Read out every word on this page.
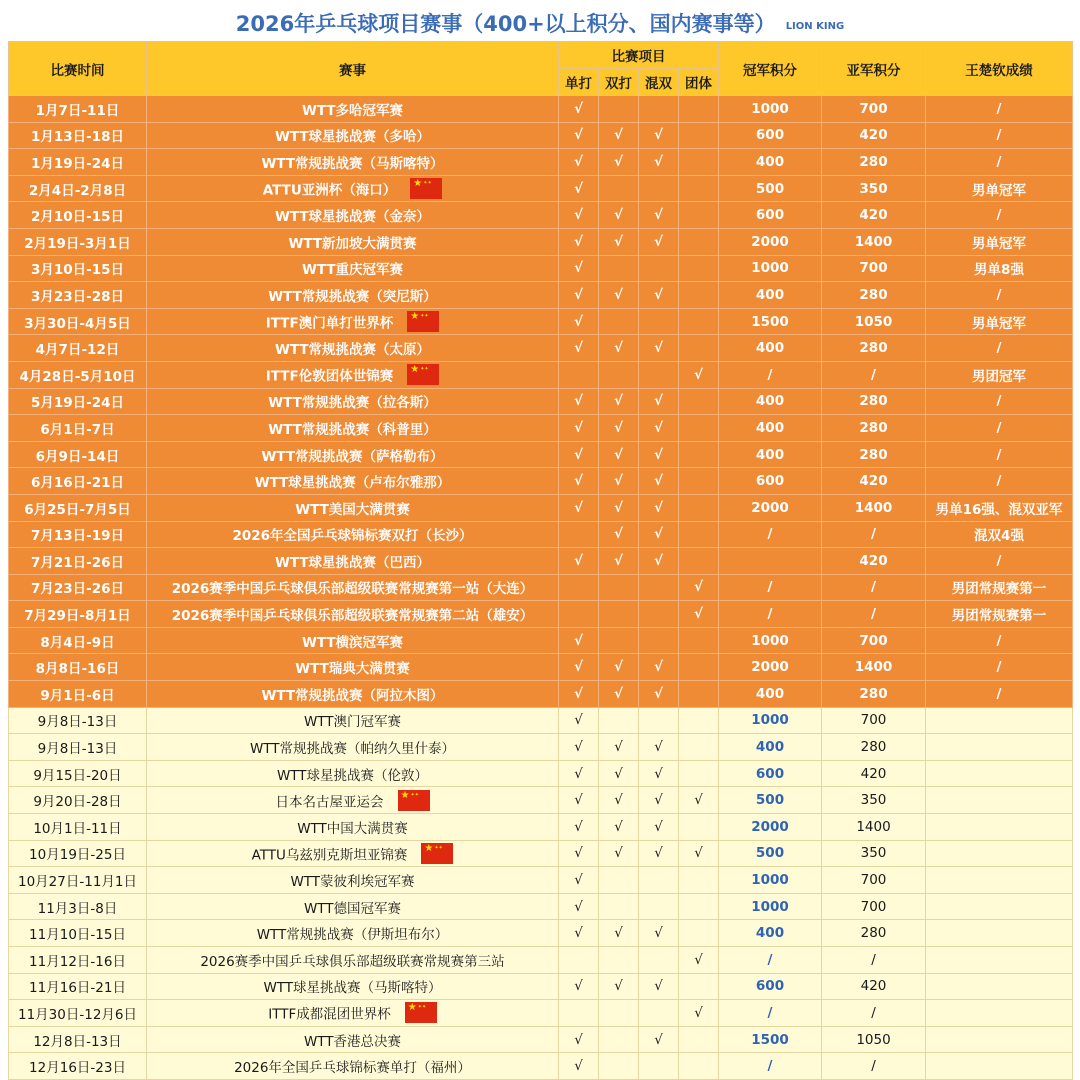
2026年乒乓球项目赛事（400+以上积分、国内赛事等） LION KING
比赛时间	赛事	比赛项目				冠军积分	亚军积分	王楚钦成绩
		单打	双打	混双	团体			
1月7日-11日	WTT多哈冠军赛	√				1000	700	/
1月13日-18日	WTT球星挑战赛（多哈）	√	√	√		600	420	/
1月19日-24日	WTT常规挑战赛（马斯喀特）	√	√	√		400	280	/
2月4日-2月8日	ATTU亚洲杯（海口）★ ✦✦	√				500	350	男单冠军
2月10日-15日	WTT球星挑战赛（金奈）	√	√	√		600	420	/
2月19日-3月1日	WTT新加坡大满贯赛	√	√	√		2000	1400	男单冠军
3月10日-15日	WTT重庆冠军赛	√				1000	700	男单8强
3月23日-28日	WTT常规挑战赛（突尼斯）	√	√	√		400	280	/
3月30日-4月5日	ITTF澳门单打世界杯★ ✦✦	√				1500	1050	男单冠军
4月7日-12日	WTT常规挑战赛（太原）	√	√	√		400	280	/
4月28日-5月10日	ITTF伦敦团体世锦赛★ ✦✦				√	/	/	男团冠军
5月19日-24日	WTT常规挑战赛（拉各斯）	√	√	√		400	280	/
6月1日-7日	WTT常规挑战赛（科普里）	√	√	√		400	280	/
6月9日-14日	WTT常规挑战赛（萨格勒布）	√	√	√		400	280	/
6月16日-21日	WTT球星挑战赛（卢布尔雅那）	√	√	√		600	420	/
6月25日-7月5日	WTT美国大满贯赛	√	√	√		2000	1400	男单16强、混双亚军
7月13日-19日	2026年全国乒乓球锦标赛双打（长沙）		√	√		/	/	混双4强
7月21日-26日	WTT球星挑战赛（巴西）	√	√	√			420	/
7月23日-26日	2026赛季中国乒乓球俱乐部超级联赛常规赛第一站（大连）				√	/	/	男团常规赛第一
7月29日-8月1日	2026赛季中国乒乓球俱乐部超级联赛常规赛第二站（雄安）				√	/	/	男团常规赛第一
8月4日-9日	WTT横滨冠军赛	√				1000	700	/
8月8日-16日	WTT瑞典大满贯赛	√	√	√		2000	1400	/
9月1日-6日	WTT常规挑战赛（阿拉木图）	√	√	√		400	280	/
9月8日-13日	WTT澳门冠军赛	√				1000	700	
9月8日-13日	WTT常规挑战赛（帕纳久里什泰）	√	√	√		400	280	
9月15日-20日	WTT球星挑战赛（伦敦）	√	√	√		600	420	
9月20日-28日	日本名古屋亚运会★ ✦✦	√	√	√	√	500	350	
10月1日-11日	WTT中国大满贯赛	√	√	√		2000	1400	
10月19日-25日	ATTU乌兹别克斯坦亚锦赛★ ✦✦	√	√	√	√	500	350	
10月27日-11月1日	WTT蒙彼利埃冠军赛	√				1000	700	
11月3日-8日	WTT德国冠军赛	√				1000	700	
11月10日-15日	WTT常规挑战赛（伊斯坦布尔）	√	√	√		400	280	
11月12日-16日	2026赛季中国乒乓球俱乐部超级联赛常规赛第三站				√	/	/	
11月16日-21日	WTT球星挑战赛（马斯喀特）	√	√	√		600	420	
11月30日-12月6日	ITTF成都混团世界杯★ ✦✦				√	/	/	
12月8日-13日	WTT香港总决赛	√		√		1500	1050	
12月16日-23日	2026年全国乒乓球锦标赛单打（福州）	√				/	/	
